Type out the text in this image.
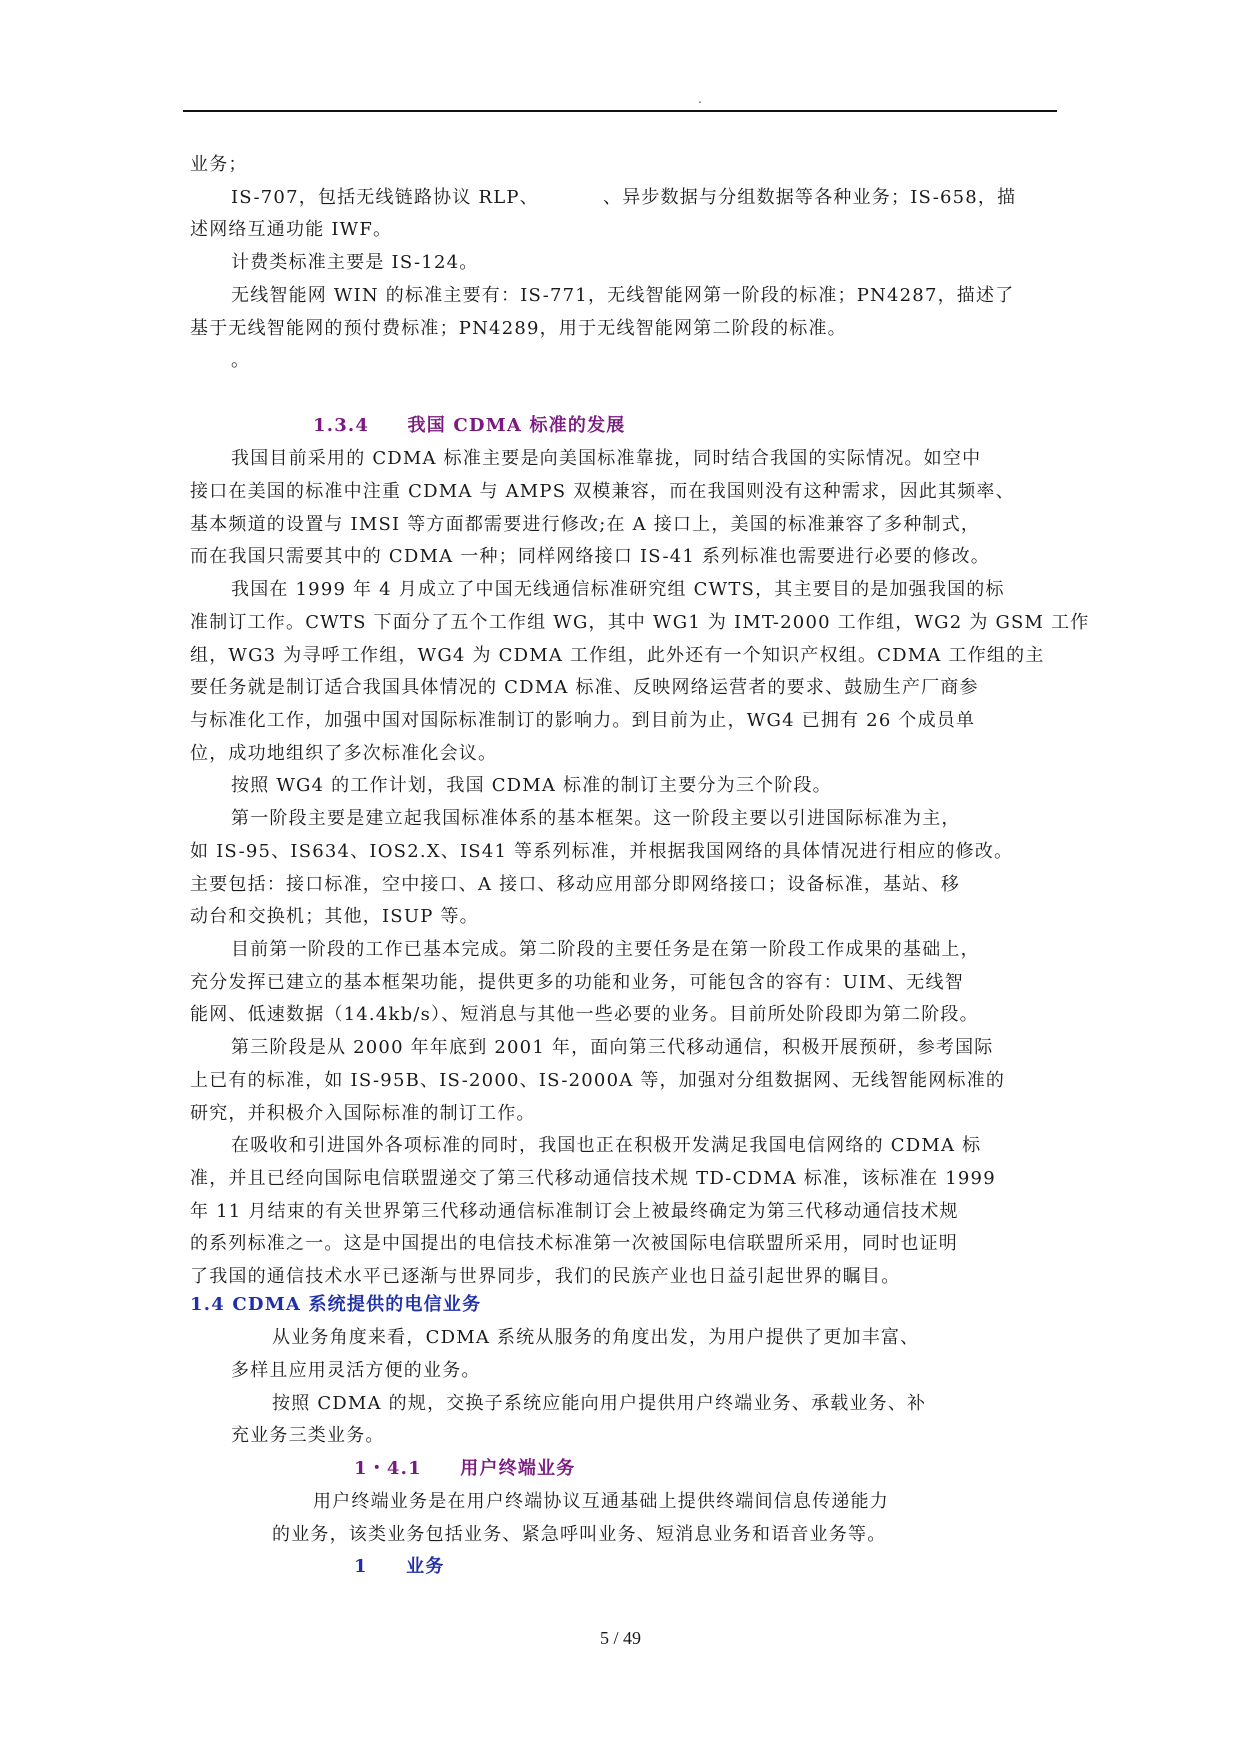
.
业务；
IS-707，包括无线链路协议 RLP、	、异步数据与分组数据等各种业务；IS-658，描
述网络互通功能 IWF。
计费类标准主要是 IS-124。
无线智能网 WIN 的标准主要有：IS-771，无线智能网第一阶段的标准；PN4287，描述了
基于无线智能网的预付费标准；PN4289，用于无线智能网第二阶段的标准。
。
1.3.4　　我国 CDMA 标准的发展
我国目前采用的 CDMA 标准主要是向美国标准靠拢，同时结合我国的实际情况。如空中
接口在美国的标准中注重 CDMA 与 AMPS 双模兼容，而在我国则没有这种需求，因此其频率、
基本频道的设置与 IMSI 等方面都需要进行修改;在 A 接口上，美国的标准兼容了多种制式，
而在我国只需要其中的 CDMA 一种；同样网络接口 IS-41 系列标准也需要进行必要的修改。
我国在 1999 年 4 月成立了中国无线通信标准研究组 CWTS，其主要目的是加强我国的标
准制订工作。CWTS 下面分了五个工作组 WG，其中 WG1 为 IMT-2000 工作组，WG2 为 GSM 工作
组，WG3 为寻呼工作组，WG4 为 CDMA 工作组，此外还有一个知识产权组。CDMA 工作组的主
要任务就是制订适合我国具体情况的 CDMA 标准、反映网络运营者的要求、鼓励生产厂商参
与标准化工作，加强中国对国际标准制订的影响力。到目前为止，WG4 已拥有 26 个成员单
位，成功地组织了多次标准化会议。
按照 WG4 的工作计划，我国 CDMA 标准的制订主要分为三个阶段。
第一阶段主要是建立起我国标准体系的基本框架。这一阶段主要以引进国际标准为主，
如 IS-95、IS634、IOS2.X、IS41 等系列标准，并根据我国网络的具体情况进行相应的修改。
主要包括：接口标准，空中接口、A 接口、移动应用部分即网络接口；设备标准，基站、移
动台和交换机；其他，ISUP 等。
目前第一阶段的工作已基本完成。第二阶段的主要任务是在第一阶段工作成果的基础上，
充分发挥已建立的基本框架功能，提供更多的功能和业务，可能包含的容有：UIM、无线智
能网、低速数据（14.4kb/s）、短消息与其他一些必要的业务。目前所处阶段即为第二阶段。
第三阶段是从 2000 年年底到 2001 年，面向第三代移动通信，积极开展预研，参考国际
上已有的标准，如 IS-95B、IS-2000、IS-2000A 等，加强对分组数据网、无线智能网标准的
研究，并积极介入国际标准的制订工作。
在吸收和引进国外各项标准的同时，我国也正在积极开发满足我国电信网络的 CDMA 标
准，并且已经向国际电信联盟递交了第三代移动通信技术规 TD-CDMA 标准，该标准在 1999
年 11 月结束的有关世界第三代移动通信标准制订会上被最终确定为第三代移动通信技术规
的系列标准之一。这是中国提出的电信技术标准第一次被国际电信联盟所采用，同时也证明
了我国的通信技术水平已逐渐与世界同步，我们的民族产业也日益引起世界的瞩目。
1.4 CDMA 系统提供的电信业务
从业务角度来看，CDMA 系统从服务的角度出发，为用户提供了更加丰富、
多样且应用灵活方便的业务。
按照 CDMA 的规，交换子系统应能向用户提供用户终端业务、承载业务、补
充业务三类业务。
1・4.1　　用户终端业务
用户终端业务是在用户终端协议互通基础上提供终端间信息传递能力
的业务，该类业务包括业务、紧急呼叫业务、短消息业务和语音业务等。
1　　业务
5 / 49
